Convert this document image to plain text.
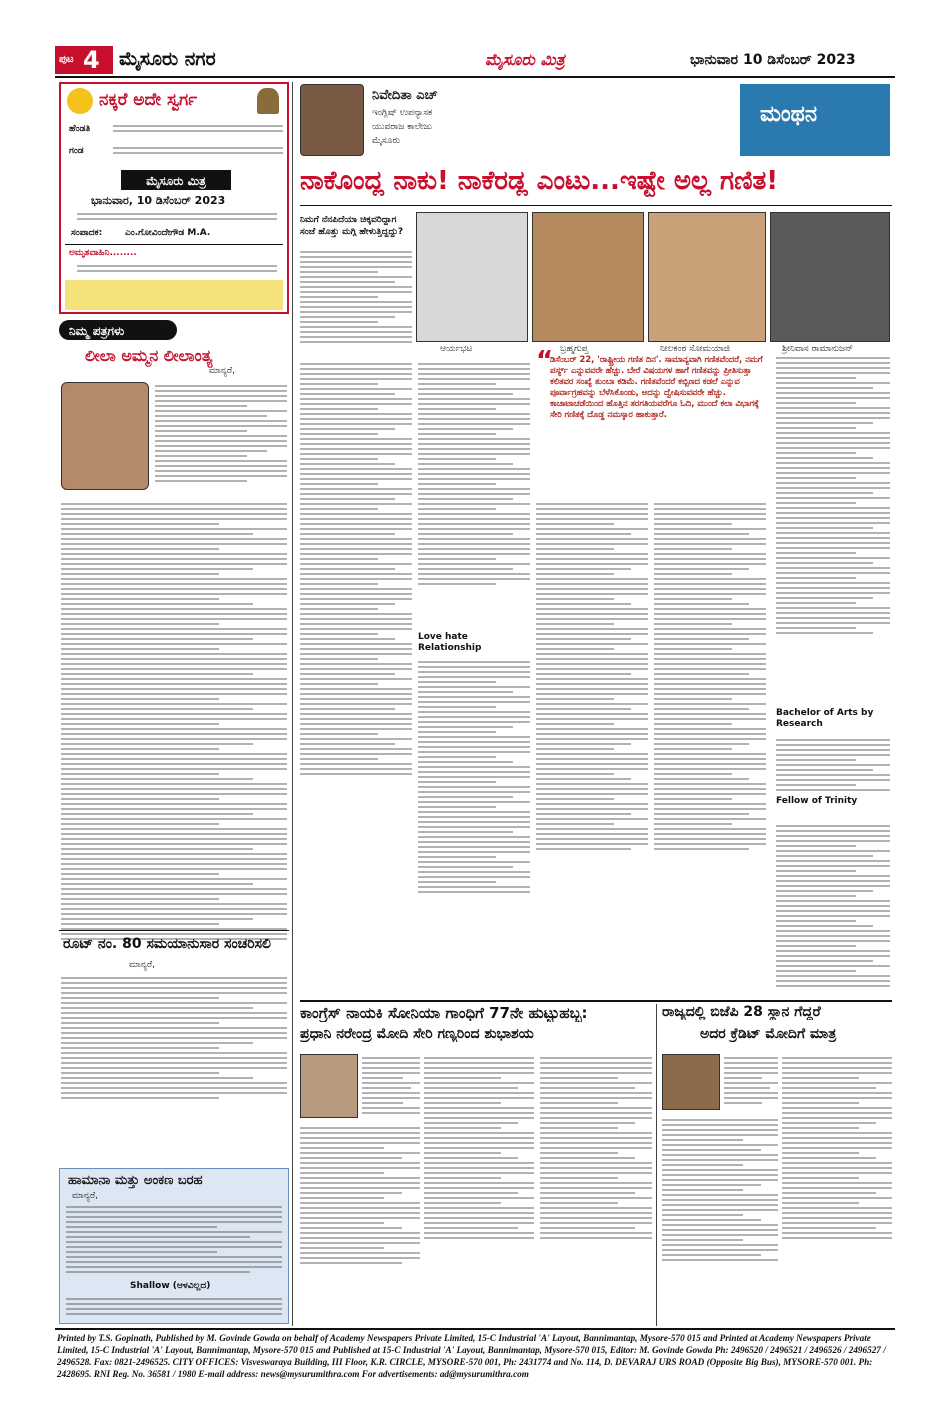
ಪುಟ 4 ಮೈಸೂರು ನಗರ	ಮೈಸೂರು ಮಿತ್ರ	ಭಾನುವಾರ 10 ಡಿಸೆಂಬರ್ 2023
ನಕ್ಕರೆ ಅದೇ ಸ್ವರ್ಗ
ಹೆಂಡತಿ
ಗಂಡ
ಮೈಸೂರು ಮಿತ್ರ
ಭಾನುವಾರ, 10 ಡಿಸೆಂಬರ್ 2023
ಸಂಪಾದಕ:	ಎಂ.ಗೋವಿಂದೇಗೌಡ M.A.
ಅಮೃತವಾಹಿನಿ........
ನಿಮ್ಮ ಪತ್ರಗಳು
ಲೀಲಾ ಅಮ್ಮನ ಲೀಲಾಂತ್ಯ
ಮಾನ್ಯರೆ,
ರೂಟ್ ನಂ. 80 ಸಮಯಾನುಸಾರ ಸಂಚರಿಸಲಿ
ಮಾನ್ಯರೆ,
ಹಾಮಾನಾ ಮತ್ತು ಅಂಕಣ ಬರಹ
ಮಾನ್ಯರೆ,
Shallow (ಆಳವಿಲ್ಲದ)
ನಿವೇದಿತಾ ಎಚ್
ಇಂಗ್ಲಿಷ್ ಉಪನ್ಯಾಸಕ
ಯುವರಾಜ ಕಾಲೇಜು
ಮೈಸೂರು
ಮಂಥನ
ನಾಕೊಂದ್ಲ ನಾಕು! ನಾಕೆರಡ್ಲ ಎಂಟು...ಇಷ್ಟೇ ಅಲ್ಲ ಗಣಿತ!
ನಿಮಗೆ ನೆನಪಿದೆಯಾ ಚಿಕ್ಕವರಿದ್ದಾಗ ಸಂಜೆ ಹೊತ್ತು ಮಗ್ಗಿ ಹೇಳುತ್ತಿದ್ದದ್ದು?
ಆರ್ಯಭಟ	ಬ್ರಹ್ಮಗುಪ್ತ	ನೀಲಕಂಠ ಸೋಮಯಾಜಿ	ಶ್ರೀನಿವಾಸ ರಾಮಾನುಜನ್
Love hate Relationship
“
ಡಿಸೆಂಬರ್ 22, 'ರಾಷ್ಟ್ರೀಯ ಗಣಿತ ದಿನ'. ಸಾಮಾನ್ಯವಾಗಿ ಗಣಿತವೆಂದರೆ, ನಮಗೆ ಪರ್ಸ್ಯ್ ಎನ್ನುವವರೇ ಹೆಚ್ಚು. ಬೇರೆ ವಿಷಯಗಳ ಹಾಗೆ ಗಣಿತವನ್ನು ಪ್ರೀತಿಸುತ್ತಾ ಕಲಿತವರ ಸಂಖ್ಯೆ ತುಂಬಾ ಕಡಿಮೆ. ಗಣಿತವೆಂದರೆ ಕಬ್ಬಿಣದ ಕಡಲೆ ಎನ್ನುವ ಪೂರ್ವಾಗ್ರಹವನ್ನು ಬೆಳೆಸಿಕೊಂಡು, ಅದನ್ನು ದ್ವೇಷಿಸುವವರೇ ಹೆಚ್ಚು. ಕಾಚಾಟಾಚಡೆಯಿಂದ ಹೊತ್ತಿನ ತರಗತಿಯವರೆಗೂ ಓದಿ, ಮುಂದೆ ಕಲಾ ವಿಭಾಗಕ್ಕೆ ಸೇರಿ ಗಣಿತಕ್ಕೆ ದೊಡ್ಡ ನಮಸ್ಕಾರ ಹಾಕುತ್ತಾರೆ.
Bachelor of Arts by Research
Fellow of Trinity
ಕಾಂಗ್ರೆಸ್ ನಾಯಕಿ ಸೋನಿಯಾ ಗಾಂಧಿಗೆ 77ನೇ ಹುಟ್ಟುಹಬ್ಬ:
ಪ್ರಧಾನಿ ನರೇಂದ್ರ ಮೋದಿ ಸೇರಿ ಗಣ್ಯರಿಂದ ಶುಭಾಶಯ
ರಾಜ್ಯದಲ್ಲಿ ಬಿಜೆಪಿ 28 ಸ್ಥಾನ ಗೆದ್ದರೆ
ಅದರ ಕ್ರೆಡಿಟ್ ಮೋದಿಗೆ ಮಾತ್ರ
Printed by T.S. Gopinath, Published by M. Govinde Gowda on behalf of Academy Newspapers Private Limited, 15-C Industrial 'A' Layout, Bannimantap, Mysore-570 015 and Printed at Academy Newspapers Private Limited, 15-C Industrial 'A' Layout, Bannimantap, Mysore-570 015 and Published at 15-C Industrial 'A' Layout, Bannimantap, Mysore-570 015, Editor: M. Govinde Gowda Ph: 2496520 / 2496521 / 2496526 / 2496527 / 2496528. Fax: 0821-2496525. CITY OFFICES: Visveswaraya Building, III Floor, K.R. CIRCLE, MYSORE-570 001, Ph: 2431774 and No. 114, D. DEVARAJ URS ROAD (Opposite Big Bus), MYSORE-570 001. Ph: 2428695. RNI Reg. No. 36581 / 1980 E-mail address: news@mysurumithra.com For advertisements: ad@mysurumithra.com
